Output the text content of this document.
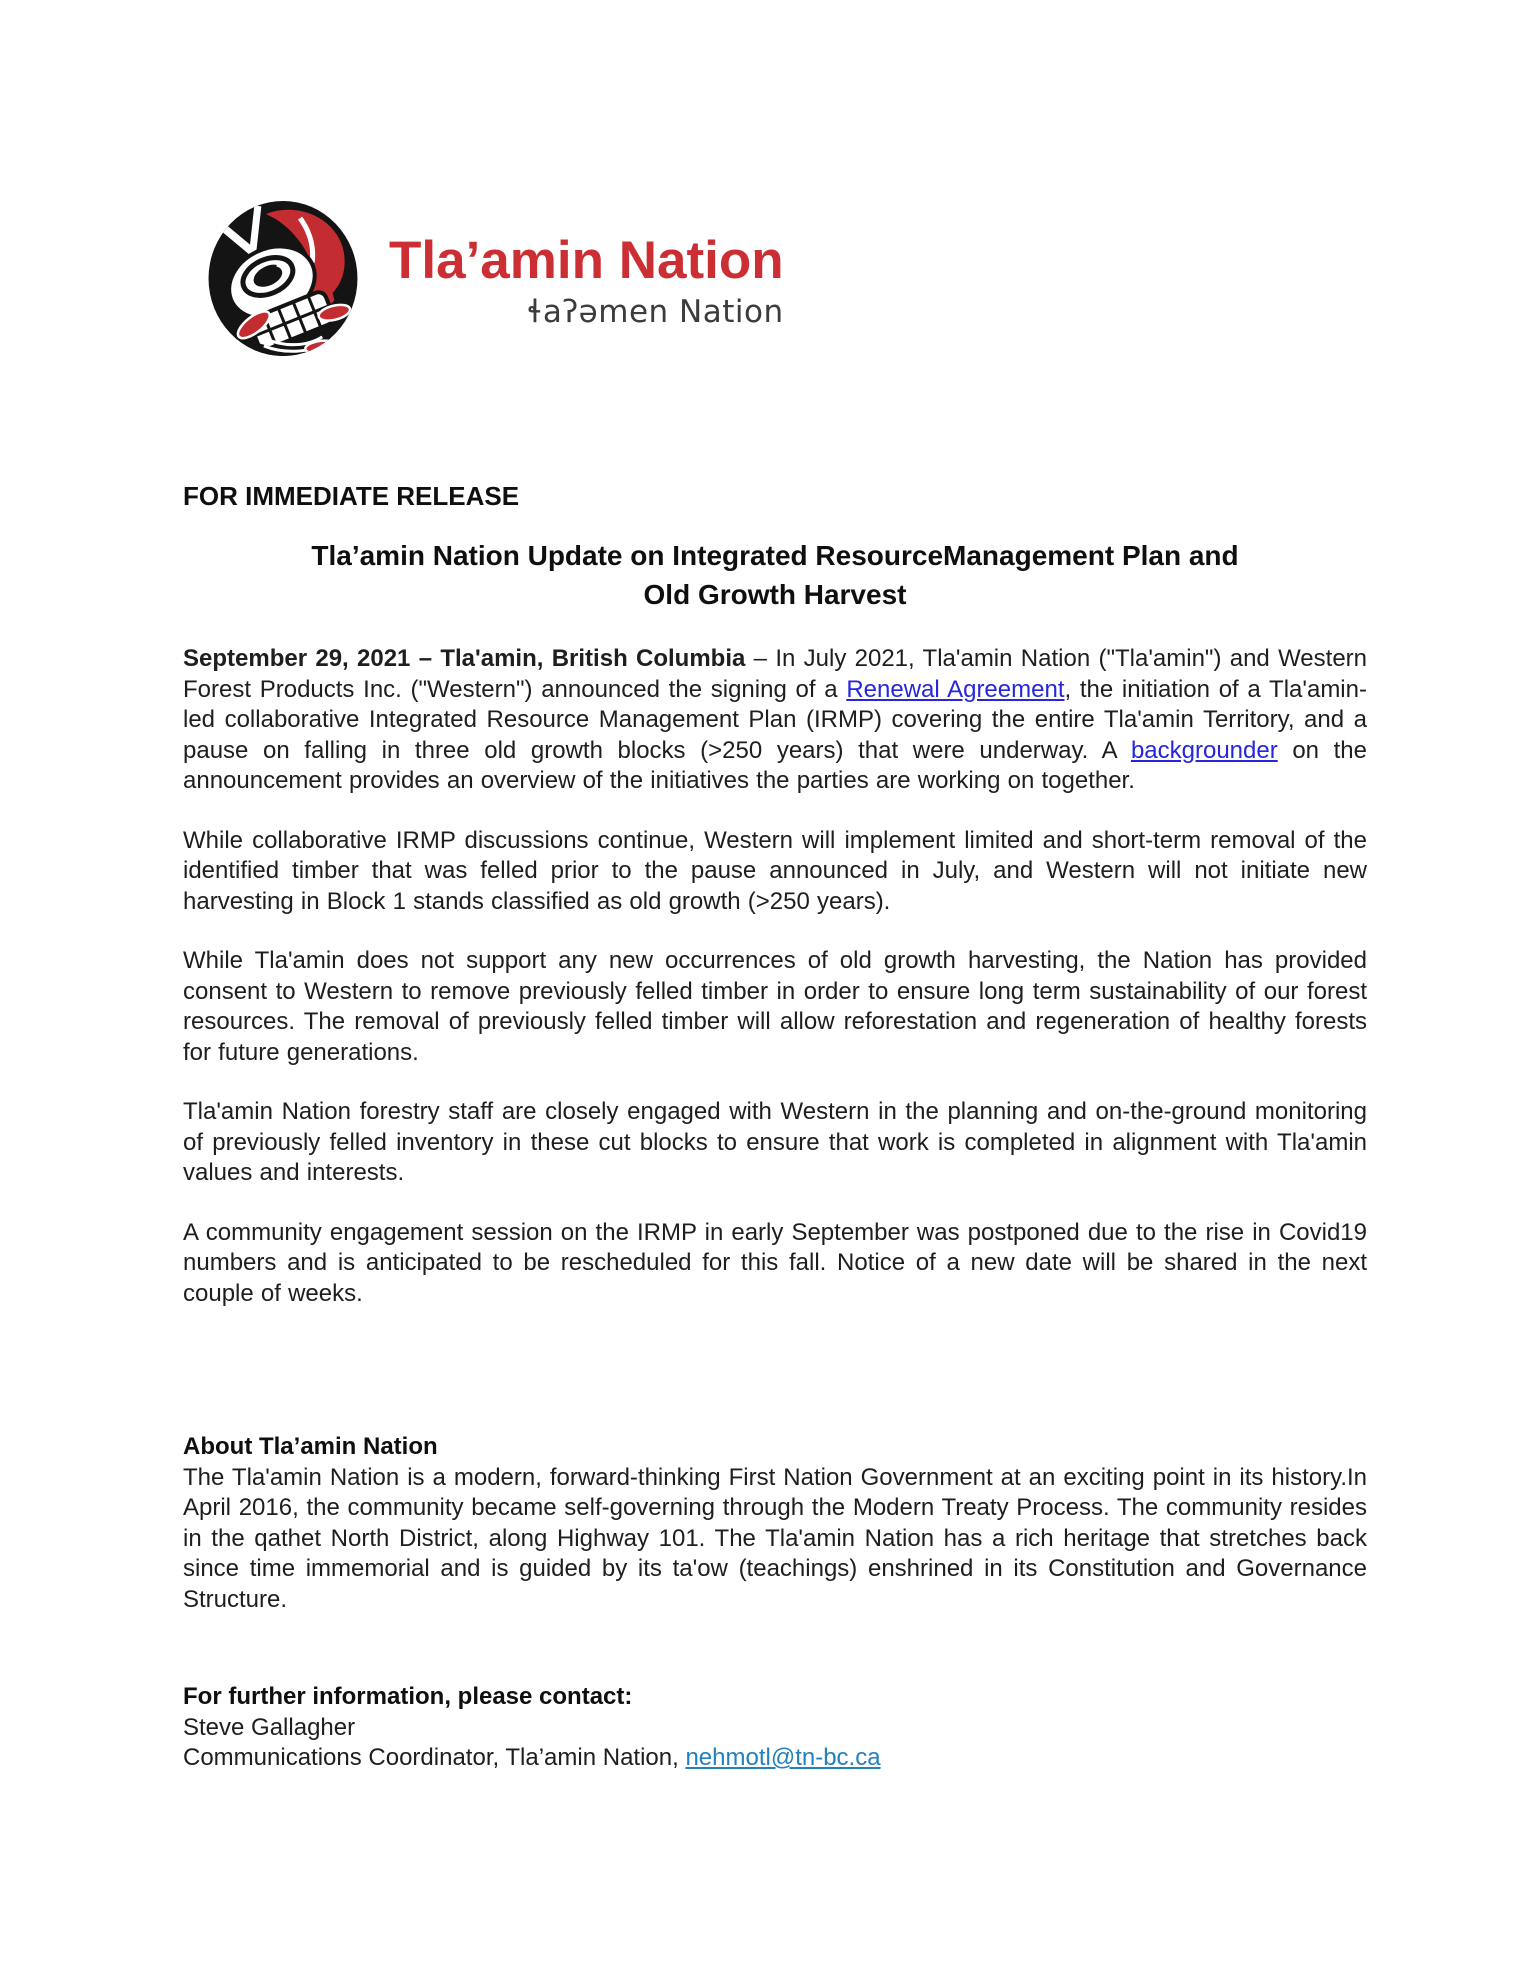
Tla’amin Nation
ɬaʔəmen Nation
FOR IMMEDIATE RELEASE
Tla’amin Nation Update on Integrated ResourceManagement Plan and
Old Growth Harvest

September 29, 2021 – Tla'amin, British Columbia – In July 2021, Tla'amin Nation ("Tla'amin") and Western Forest Products Inc. ("Western") announced the signing of a Renewal Agreement, the initiation of a Tla'amin-led collaborative Integrated Resource Management Plan (IRMP) covering the entire Tla'amin Territory, and a pause on falling in three old growth blocks (>250 years) that were underway. A backgrounder on the announcement provides an overview of the initiatives the parties are working on together.

While collaborative IRMP discussions continue, Western will implement limited and short-term removal of the identified timber that was felled prior to the pause announced in July, and Western will not initiate new harvesting in Block 1 stands classified as old growth (>250 years).

While Tla'amin does not support any new occurrences of old growth harvesting, the Nation has provided consent to Western to remove previously felled timber in order to ensure long term sustainability of our forest resources. The removal of previously felled timber will allow reforestation and regeneration of healthy forests for future generations.

Tla'amin Nation forestry staff are closely engaged with Western in the planning and on-the-ground monitoring of previously felled inventory in these cut blocks to ensure that work is completed in alignment with Tla'amin values and interests.

A community engagement session on the IRMP in early September was postponed due to the rise in Covid19 numbers and is anticipated to be rescheduled for this fall. Notice of a new date will be shared in the next couple of weeks.

About Tla’amin Nation

The Tla'amin Nation is a modern, forward-thinking First Nation Government at an exciting point in its history.In April 2016, the community became self-governing through the Modern Treaty Process. The community resides in the qathet North District, along Highway 101. The Tla'amin Nation has a rich heritage that stretches back since time immemorial and is guided by its ta'ow (teachings) enshrined in its Constitution and Governance Structure.

For further information, please contact:
Steve Gallagher
Communications Coordinator, Tla’amin Nation, nehmotl@tn-bc.ca
